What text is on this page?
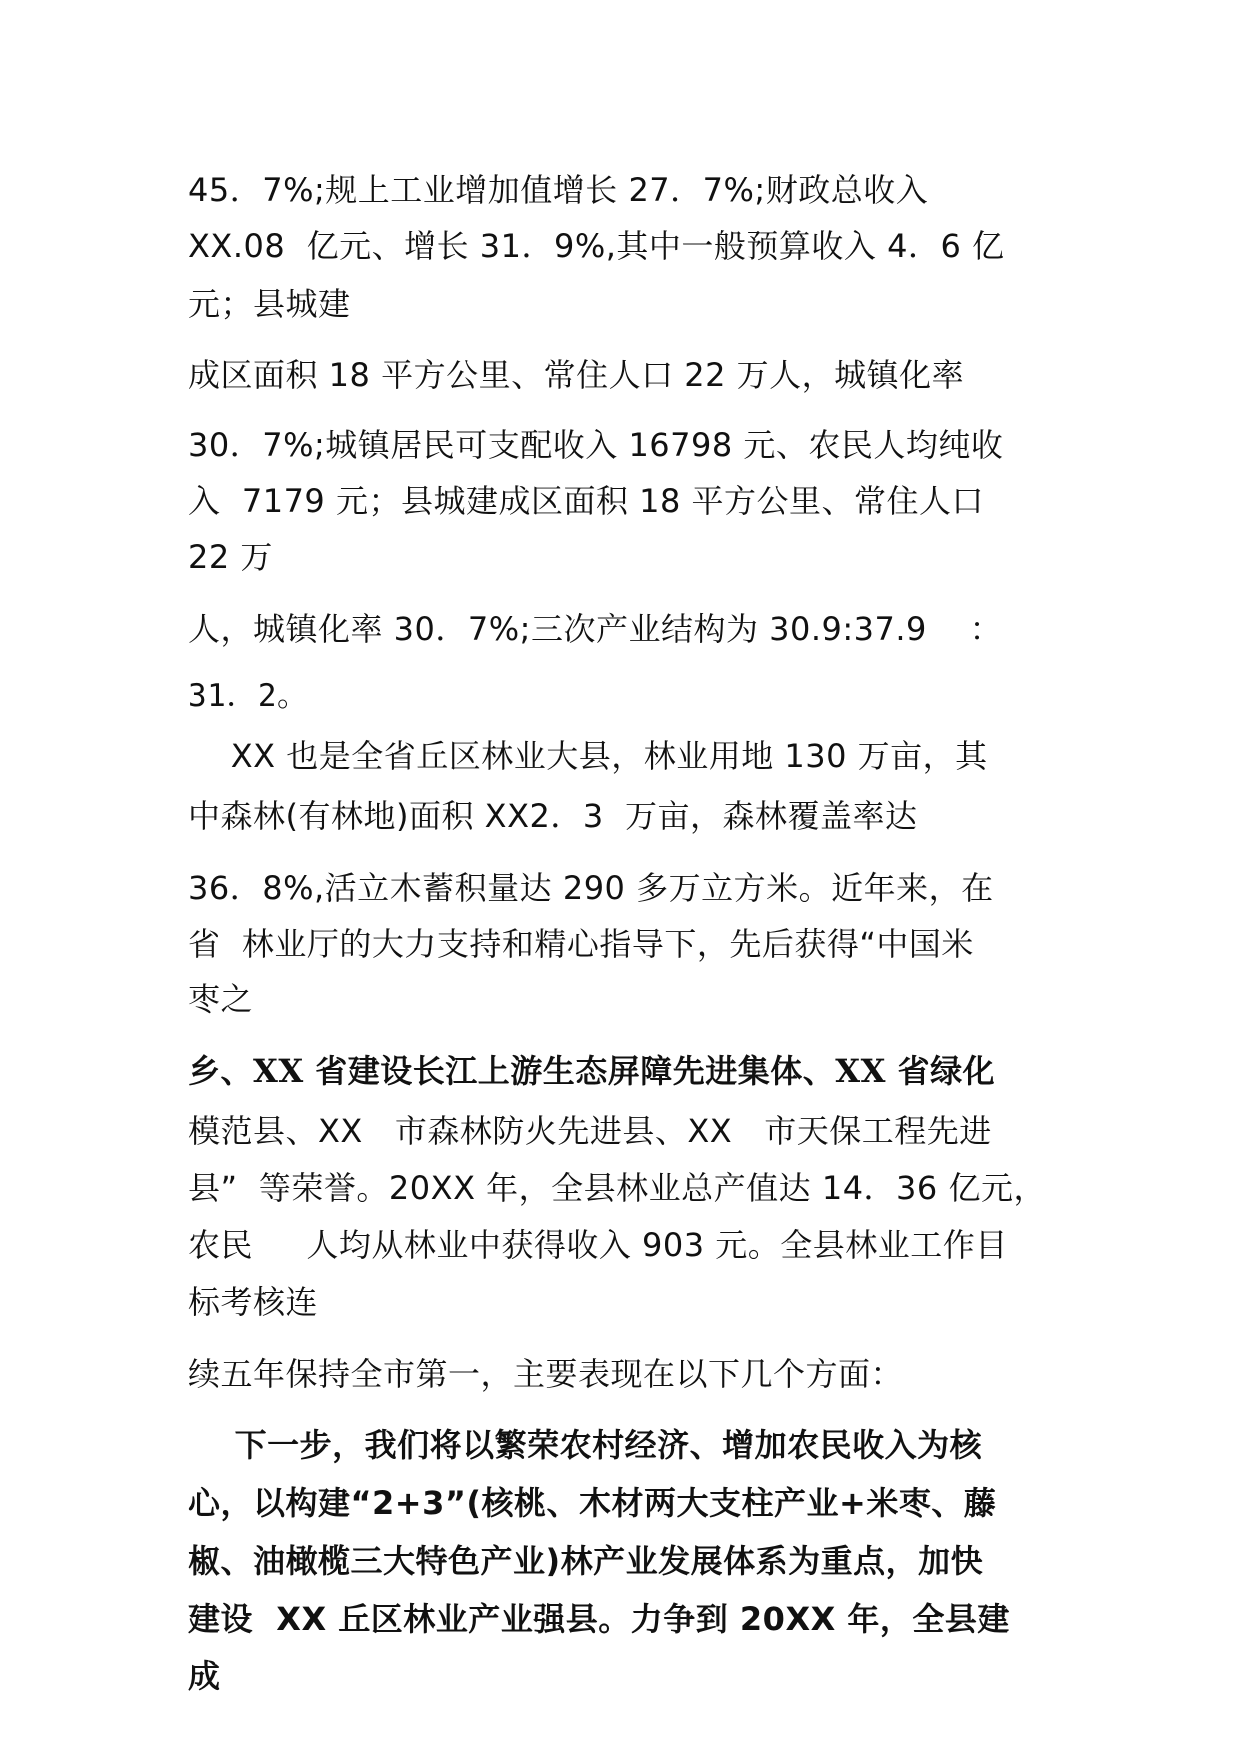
45．7%;规上工业增加值增长 27．7%;财政总收入

XX.08  亿元、增长 31．9%,其中一般预算收入 4．6 亿

元；县城建

成区面积 18 平方公里、常住人口 22 万人，城镇化率

30．7%;城镇居民可支配收入 16798 元、农民人均纯收

入  7179 元；县城建成区面积 18 平方公里、常住人口

22 万

人，城镇化率 30．7%;三次产业结构为 30.9:37.9    ：

31．2。

XX 也是全省丘区林业大县，林业用地 130 万亩，其

中森林(有林地)面积 XX2．3  万亩，森林覆盖率达

36．8%,活立木蓄积量达 290 多万立方米。近年来，在

省  林业厅的大力支持和精心指导下，先后获得“中国米

枣之

乡、XX 省建设长江上游生态屏障先进集体、XX 省绿化

模范县、XX   市森林防火先进县、XX   市天保工程先进

县”  等荣誉。20XX 年，全县林业总产值达 14．36 亿元，

农民     人均从林业中获得收入 903 元。全县林业工作目

标考核连

续五年保持全市第一，主要表现在以下几个方面：

下一步，我们将以繁荣农村经济、增加农民收入为核

心，以构建“2+3”(核桃、木材两大支柱产业+米枣、藤

椒、油橄榄三大特色产业)林产业发展体系为重点，加快

建设  XX 丘区林业产业强县。力争到 20XX 年，全县建

成
